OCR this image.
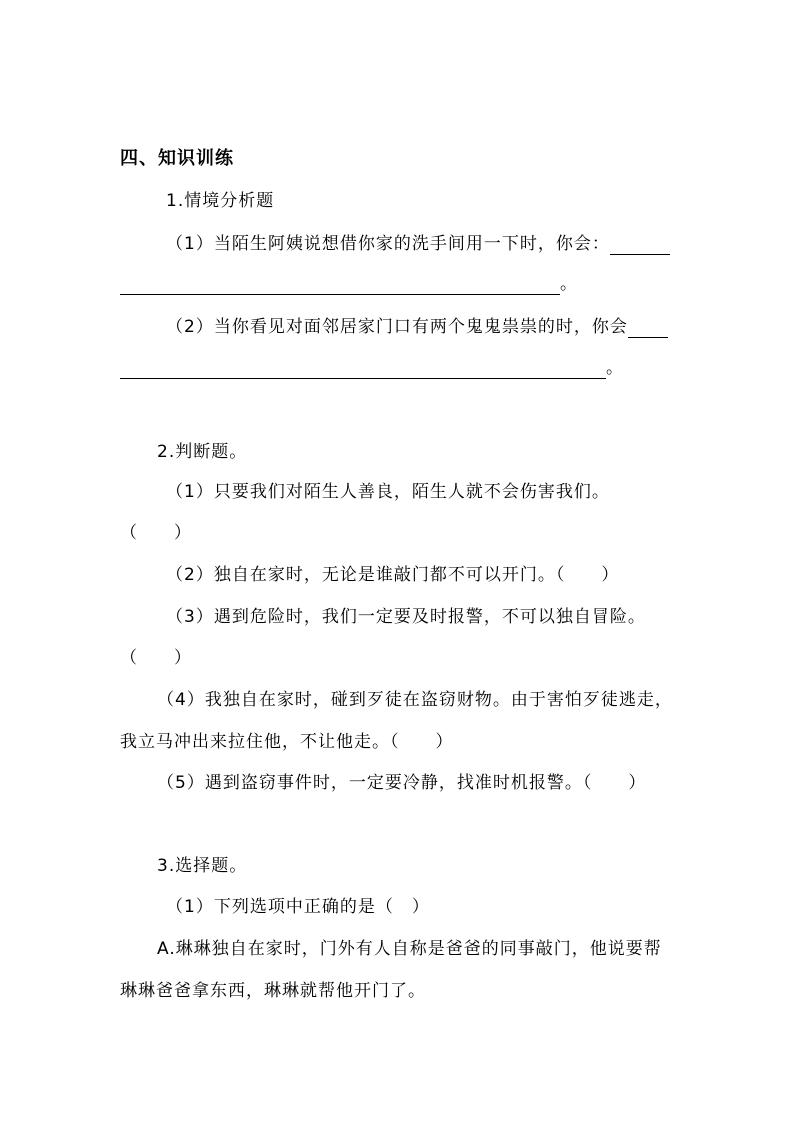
四、知识训练
1.情境分析题
（1）当陌生阿姨说想借你家的洗手间用一下时，你会：
。
（2）当你看见对面邻居家门口有两个鬼鬼祟祟的时，你会
。
2.判断题。
（1）只要我们对陌生人善良，陌生人就不会伤害我们。
（　　）
（2）独自在家时，无论是谁敲门都不可以开门。（　　）
（3）遇到危险时，我们一定要及时报警，不可以独自冒险。
（　　）
（4）我独自在家时，碰到歹徒在盗窃财物。由于害怕歹徒逃走，
我立马冲出来拉住他，不让他走。（　　）
（5）遇到盗窃事件时，一定要冷静，找准时机报警。（　　）
3.选择题。
（1）下列选项中正确的是（　）
A.琳琳独自在家时，门外有人自称是爸爸的同事敲门，他说要帮
琳琳爸爸拿东西，琳琳就帮他开门了。
